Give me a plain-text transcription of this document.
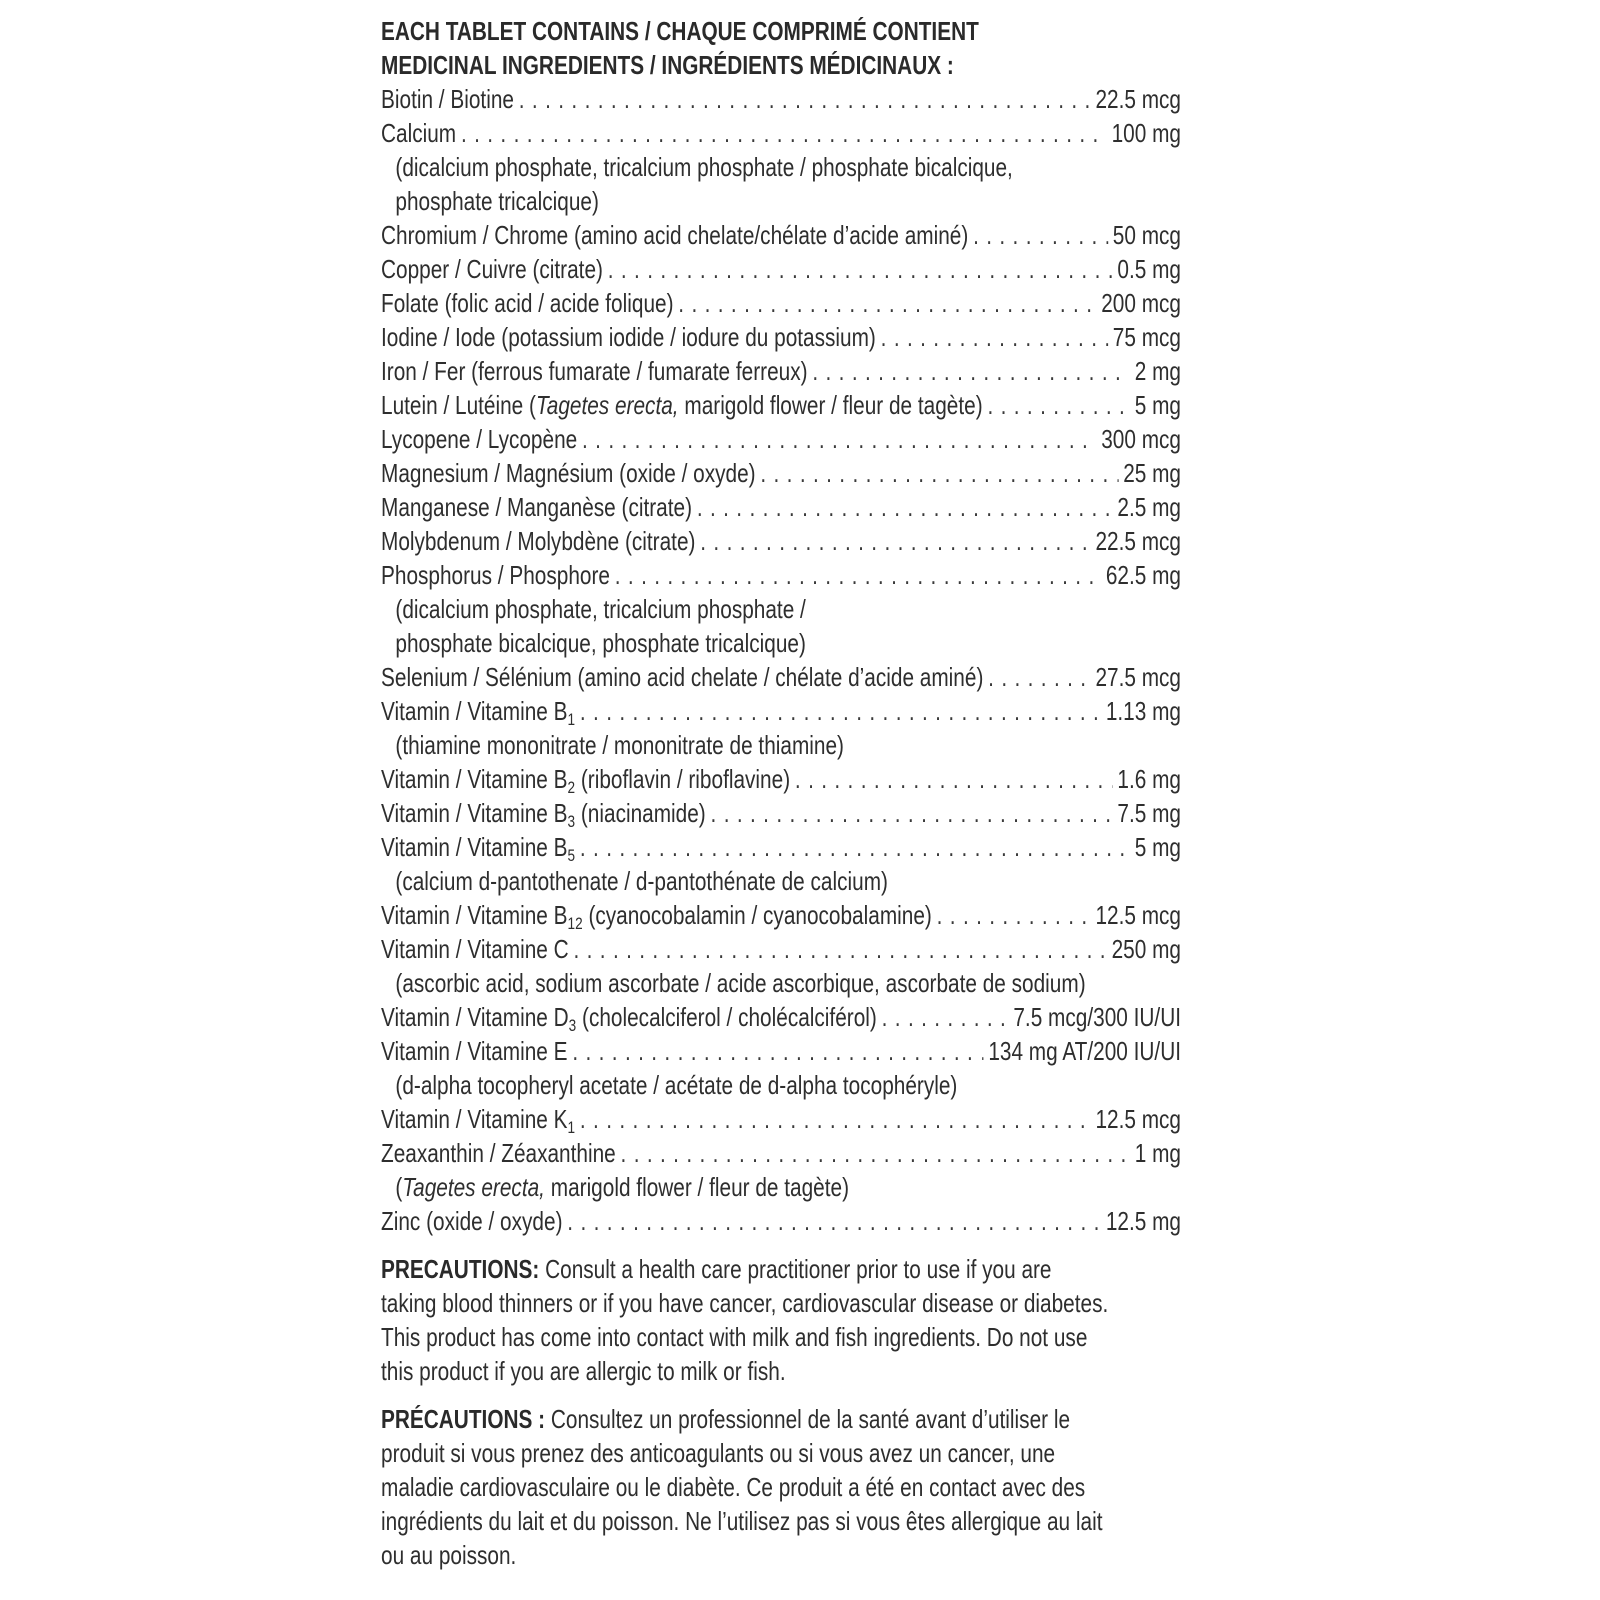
EACH TABLET CONTAINS / CHAQUE COMPRIMÉ CONTIENT
MEDICINAL INGREDIENTS / INGRÉDIENTS MÉDICINAUX :
Biotin / Biotine . . .	22.5 mcg
Calcium . . .	100 mg
(dicalcium phosphate, tricalcium phosphate / phosphate bicalcique,
phosphate tricalcique)
Chromium / Chrome (amino acid chelate/chélate d’acide aminé) . . .	50 mcg
Copper / Cuivre (citrate) . . .	0.5 mg
Folate (folic acid / acide folique) . . .	200 mcg
Iodine / Iode (potassium iodide / iodure du potassium) . . .	75 mcg
Iron / Fer (ferrous fumarate / fumarate ferreux) . . .	2 mg
Lutein / Lutéine (Tagetes erecta, marigold flower / fleur de tagète) . . .	5 mg
Lycopene / Lycopène . . .	300 mcg
Magnesium / Magnésium (oxide / oxyde) . . .	25 mg
Manganese / Manganèse (citrate) . . .	2.5 mg
Molybdenum / Molybdène (citrate) . . .	22.5 mcg
Phosphorus / Phosphore . . .	62.5 mg
(dicalcium phosphate, tricalcium phosphate /
phosphate bicalcique, phosphate tricalcique)
Selenium / Sélénium (amino acid chelate / chélate d’acide aminé) . . .	27.5 mcg
Vitamin / Vitamine $B_1$ . . .	1.13 mg
(thiamine mononitrate / mononitrate de thiamine)
Vitamin / Vitamine $B_2$ (riboflavin / riboflavine) . . .	1.6 mg
Vitamin / Vitamine $B_3$ (niacinamide) . . .	7.5 mg
Vitamin / Vitamine $B_5$ . . .	5 mg
(calcium d-pantothenate / d-pantothénate de calcium)
Vitamin / Vitamine $B_{12}$ (cyanocobalamin / cyanocobalamine) . . .	12.5 mcg
Vitamin / Vitamine C . . .	250 mg
(ascorbic acid, sodium ascorbate / acide ascorbique, ascorbate de sodium)
Vitamin / Vitamine $D_3$ (cholecalciferol / cholécalciférol) . . .	7.5 mcg/300 IU/UI
Vitamin / Vitamine E . . .	134 mg AT/200 IU/UI
(d-alpha tocopheryl acetate / acétate de d-alpha tocophéryle)
Vitamin / Vitamine $K_1$ . . .	12.5 mcg
Zeaxanthin / Zéaxanthine . . .	1 mg
(Tagetes erecta, marigold flower / fleur de tagète)
Zinc (oxide / oxyde) . . .	12.5 mg
PRECAUTIONS: Consult a health care practitioner prior to use if you are
taking blood thinners or if you have cancer, cardiovascular disease or diabetes.
This product has come into contact with milk and fish ingredients. Do not use
this product if you are allergic to milk or fish.
PRÉCAUTIONS : Consultez un professionnel de la santé avant d’utiliser le
produit si vous prenez des anticoagulants ou si vous avez un cancer, une
maladie cardiovasculaire ou le diabète. Ce produit a été en contact avec des
ingrédients du lait et du poisson. Ne l’utilisez pas si vous êtes allergique au lait
ou au poisson.
